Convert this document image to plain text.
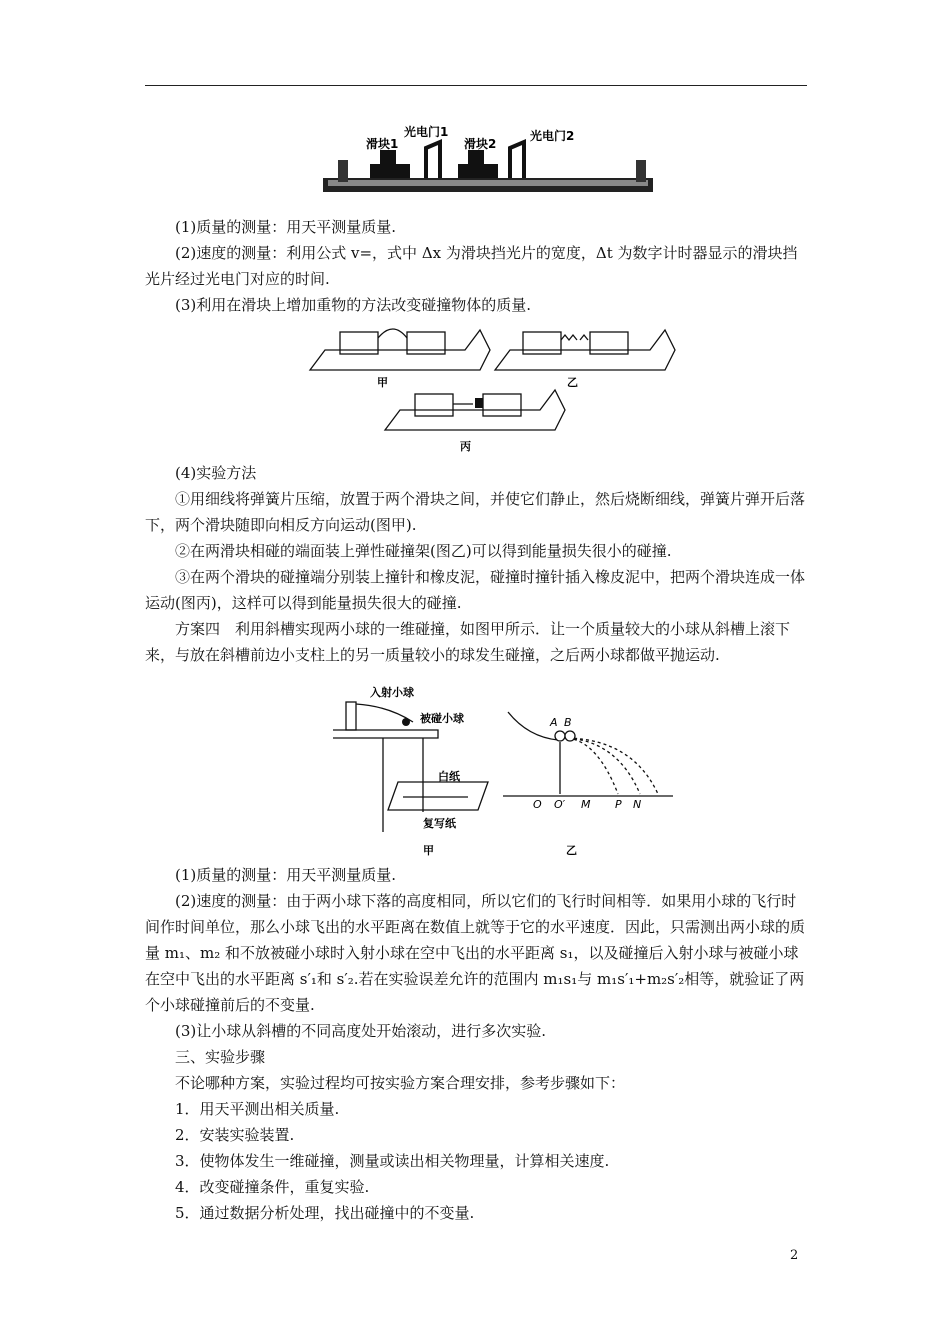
滑块1
光电门1
滑块2
光电门2

(1)质量的测量：用天平测量质量.

(2)速度的测量：利用公式 v=，式中 Δx 为滑块挡光片的宽度，Δt 为数字计时器显示的滑块挡光片经过光电门对应的时间.

(3)利用在滑块上增加重物的方法改变碰撞物体的质量.

甲	乙
丙

(4)实验方法

①用细线将弹簧片压缩，放置于两个滑块之间，并使它们静止，然后烧断细线，弹簧片弹开后落下，两个滑块随即向相反方向运动(图甲).

②在两滑块相碰的端面装上弹性碰撞架(图乙)可以得到能量损失很小的碰撞.

③在两个滑块的碰撞端分别装上撞针和橡皮泥，碰撞时撞针插入橡皮泥中，把两个滑块连成一体运动(图丙)，这样可以得到能量损失很大的碰撞.

方案四　利用斜槽实现两小球的一维碰撞，如图甲所示．让一个质量较大的小球从斜槽上滚下来，与放在斜槽前边小支柱上的另一质量较小的球发生碰撞，之后两小球都做平抛运动.

入射小球
被碰小球
白纸
复写纸
A B
O O′ M P N
甲	乙

(1)质量的测量：用天平测量质量.

(2)速度的测量：由于两小球下落的高度相同，所以它们的飞行时间相等．如果用小球的飞行时间作时间单位，那么小球飞出的水平距离在数值上就等于它的水平速度．因此，只需测出两小球的质量 m₁、m₂ 和不放被碰小球时入射小球在空中飞出的水平距离 s₁，以及碰撞后入射小球与被碰小球在空中飞出的水平距离 s′₁和 s′₂.若在实验误差允许的范围内 m₁s₁与 m₁s′₁+m₂s′₂相等，就验证了两个小球碰撞前后的不变量.

(3)让小球从斜槽的不同高度处开始滚动，进行多次实验.

三、实验步骤

不论哪种方案，实验过程均可按实验方案合理安排，参考步骤如下：

1．用天平测出相关质量.

2．安装实验装置.

3．使物体发生一维碰撞，测量或读出相关物理量，计算相关速度.

4．改变碰撞条件，重复实验.

5．通过数据分析处理，找出碰撞中的不变量.

2
